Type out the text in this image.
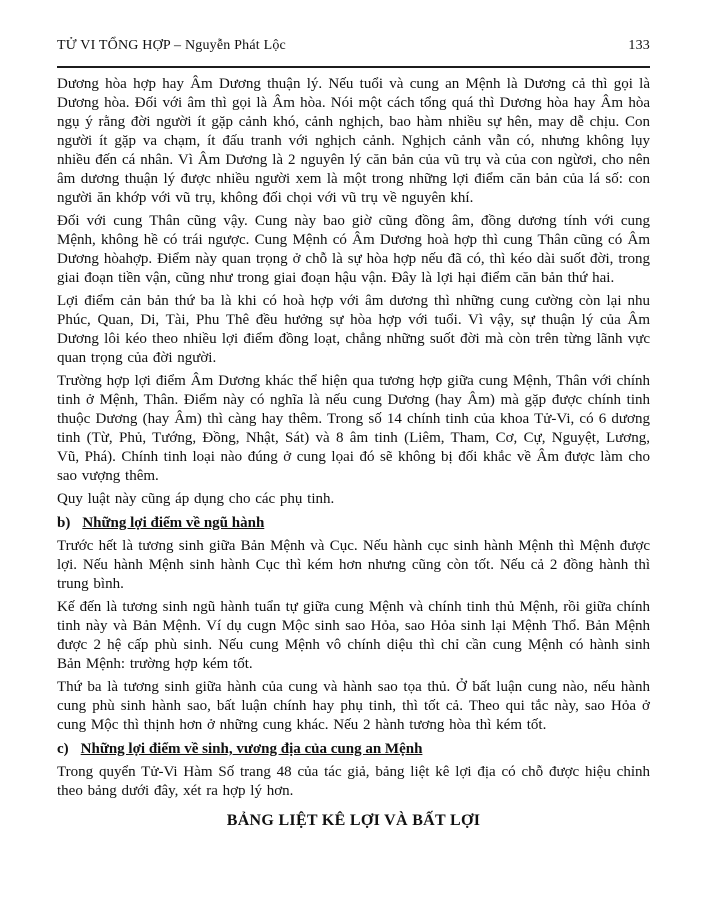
TỬ VI TỔNG HỢP – Nguyễn Phát Lộc	133

Dương hòa hợp hay Âm Dương thuận lý. Nếu tuổi và cung an Mệnh là Dương cả thì gọi là Dương hòa. Đối với âm thì gọi là Âm hòa. Nói một cách tổng quá thì Dương hòa hay Âm hòa ngụ ý rằng đời người ít gặp cảnh khó, cảnh nghịch, bao hàm nhiều sự hên, may dễ chịu. Con người ít gặp va chạm, ít đấu tranh với nghịch cảnh. Nghịch cảnh vẫn có, nhưng không lụy nhiều đến cá nhân. Vì Âm Dương là 2 nguyên lý căn bản của vũ trụ và của con ngừơi, cho nên âm dương thuận lý được nhiều người xem là một trong những lợi điểm căn bản của lá số: con người ăn khớp với vũ trụ, không đối chọi với vũ trụ về nguyên khí.

Đối với cung Thân cũng vậy. Cung này bao giờ cũng đồng âm, đồng dương tính với cung Mệnh, không hề có trái ngược. Cung Mệnh có Âm Dương hoà hợp thì cung Thân cũng có Âm Dương hòahợp. Điểm này quan trọng ở chỗ là sự hòa hợp nếu đã có, thì kéo dài suốt đời, trong giai đoạn tiền vận, cũng như trong giai đoạn hậu vận. Đây là lợi hại điểm căn bản thứ hai.

Lợi điểm cản bản thứ ba là khi có hoà hợp với âm dương thì những cung cường còn lại nhu Phúc, Quan, Di, Tài, Phu Thê đều hưởng sự hòa hợp với tuổi. Vì vậy, sự thuận lý của Âm Dương lôi kéo theo nhiều lợi điểm đồng loạt, chẳng những suốt đời mà còn trên từng lãnh vực quan trọng của đời người.

Trường hợp lợi điểm Âm Dương khác thể hiện qua tương hợp giữa cung Mệnh, Thân với chính tinh ở Mệnh, Thân. Điểm này có nghĩa là nếu cung Dương (hay Âm) mà gặp được chính tinh thuộc Dương (hay Âm) thì càng hay thêm. Trong số 14 chính tinh của khoa Tử-Vi, có 6 dương tinh (Từ, Phủ, Tướng, Đồng, Nhật, Sát) và 8 âm tinh (Liêm, Tham, Cơ, Cự, Nguyệt, Lương, Vũ, Phá). Chính tinh loại nào đúng ở cung lọai đó sẽ không bị đối khắc về Âm được làm cho sao vượng thêm.

Quy luật này cũng áp dụng cho các phụ tinh.

b) Những lợi điểm về ngũ hành

Trước hết là tương sinh giữa Bản Mệnh và Cục. Nếu hành cục sinh hành Mệnh thì Mệnh được lợi. Nếu hành Mệnh sinh hành Cục thì kém hơn nhưng cũng còn tốt. Nếu cả 2 đồng hành thì trung bình.

Kế đến là tương sinh ngũ hành tuẩn tự giữa cung Mệnh và chính tinh thủ Mệnh, rồi giữa chính tinh này và Bản Mệnh. Ví dụ cugn Mộc sinh sao Hỏa, sao Hỏa sinh lại Mệnh Thổ. Bản Mệnh được 2 hệ cấp phù sinh. Nếu cung Mệnh vô chính diệu thì chỉ cần cung Mệnh có hành sinh Bản Mệnh: trường hợp kém tốt.

Thứ ba là tương sinh giữa hành của cung và hành sao tọa thủ. Ở bất luận cung nào, nếu hành cung phù sinh hành sao, bất luận chính hay phụ tinh, thì tốt cả. Theo qui tắc này, sao Hỏa ở cung Mộc thì thịnh hơn ở những cung khác. Nếu 2 hành tương hòa thì kém tốt.

c) Những lợi điểm về sinh, vương địa của cung an Mệnh

Trong quyển Tử-Vi Hàm Số trang 48 của tác giả, bảng liệt kê lợi địa có chỗ được hiệu chỉnh theo bảng dưới đây, xét ra hợp lý hơn.

BẢNG LIỆT KÊ LỢI VÀ BẤT LỢI
